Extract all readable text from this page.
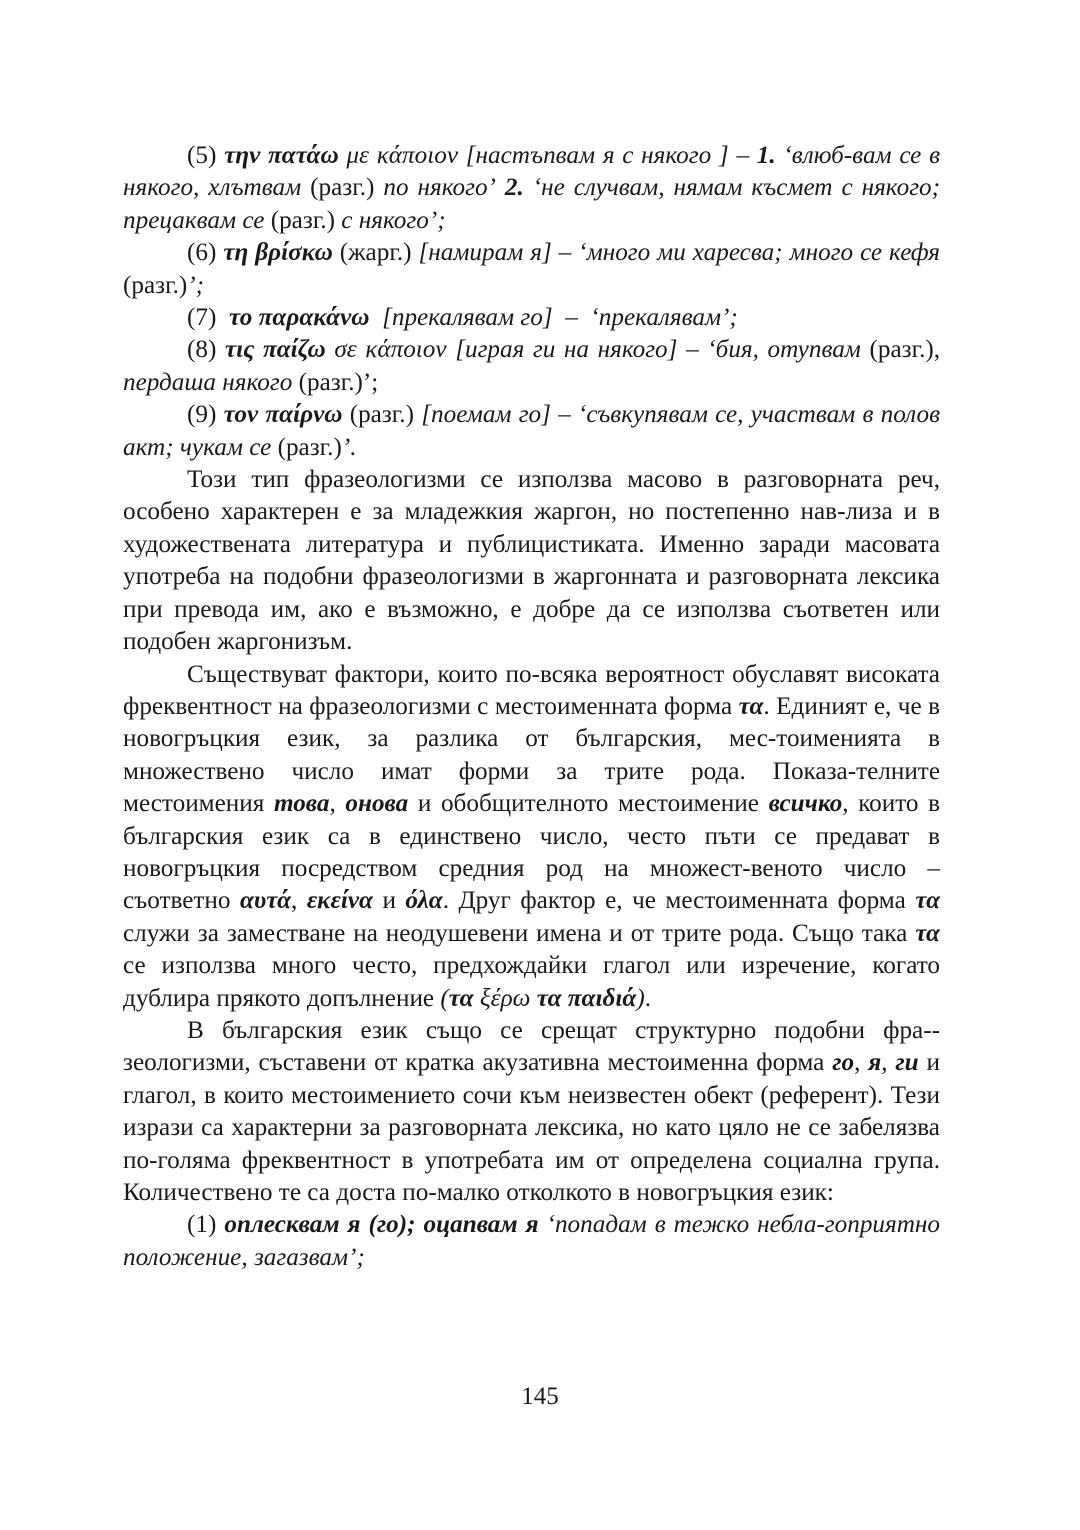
(5) την πατάω με κάποιον [настъпвам я с някого ] – 1. ‘влюб-вам се в някого, хлътвам (разг.) по някого’ 2. ‘не случвам, нямам късмет с някого; прецаквам се (разг.) с някого’;

(6) τη βρίσκω (жарг.) [намирам я] – ‘много ми харесва; много се кефя (разг.)’;

(7) το παρακάνω [прекалявам го]  –  ‘прекалявам’;

(8) τις παίζω σε κάποιον [играя ги на някого] – ‘бия, отупвам (разг.), пердаша някого (разг.)’;

(9) τον παίρνω (разг.) [поемам го] – ‘съвкупявам се, участвам в полов акт; чукам се (разг.)’.

Този тип фразеологизми се използва масово в разговорната реч, особено характерен е за младежкия жаргон, но постепенно нав-лиза и в художествената литература и публицистиката. Именно заради масовата употреба на подобни фразеологизми в жаргонната и разговорната лексика при превода им, ако е възможно, е добре да се използва съответен или подобен жаргонизъм.

Съществуват фактори, които по-всяка вероятност обуславят високата фреквентност на фразеологизми с местоименната форма τα. Единият е, че в новогръцкия език, за разлика от българския, мес-тоименията в множествено число имат форми за трите рода. Показа-телните местоимения това, онова и обобщителното местоимение всичко, които в българския език са в единствено число, често пъти се предават в новогръцкия посредством средния род на множест-веното число – съответно αυτά, εκείνα и όλα. Друг фактор е, че местоименната форма τα служи за заместване на неодушевени имена и от трите рода. Също така τα се използва много често, предхождайки глагол или изречение, когато дублира прякото допълнение (τα ξέρω τα παιδιά).

В българския език също се срещат структурно подобни фра-зеологизми, съставени от кратка акузативна местоименна форма го, я, ги и глагол, в които местоимението сочи към неизвестен обект (референт). Тези изрази са характерни за разговорната лексика, но като цяло не се забелязва по-голяма фреквентност в употребата им от определена социална група. Количествено те са доста по-малко отколкото в новогръцкия език:

(1) оплесквам я (го); оцапвам я ‘попадам в тежко небла-гоприятно положение, загазвам’;

145
